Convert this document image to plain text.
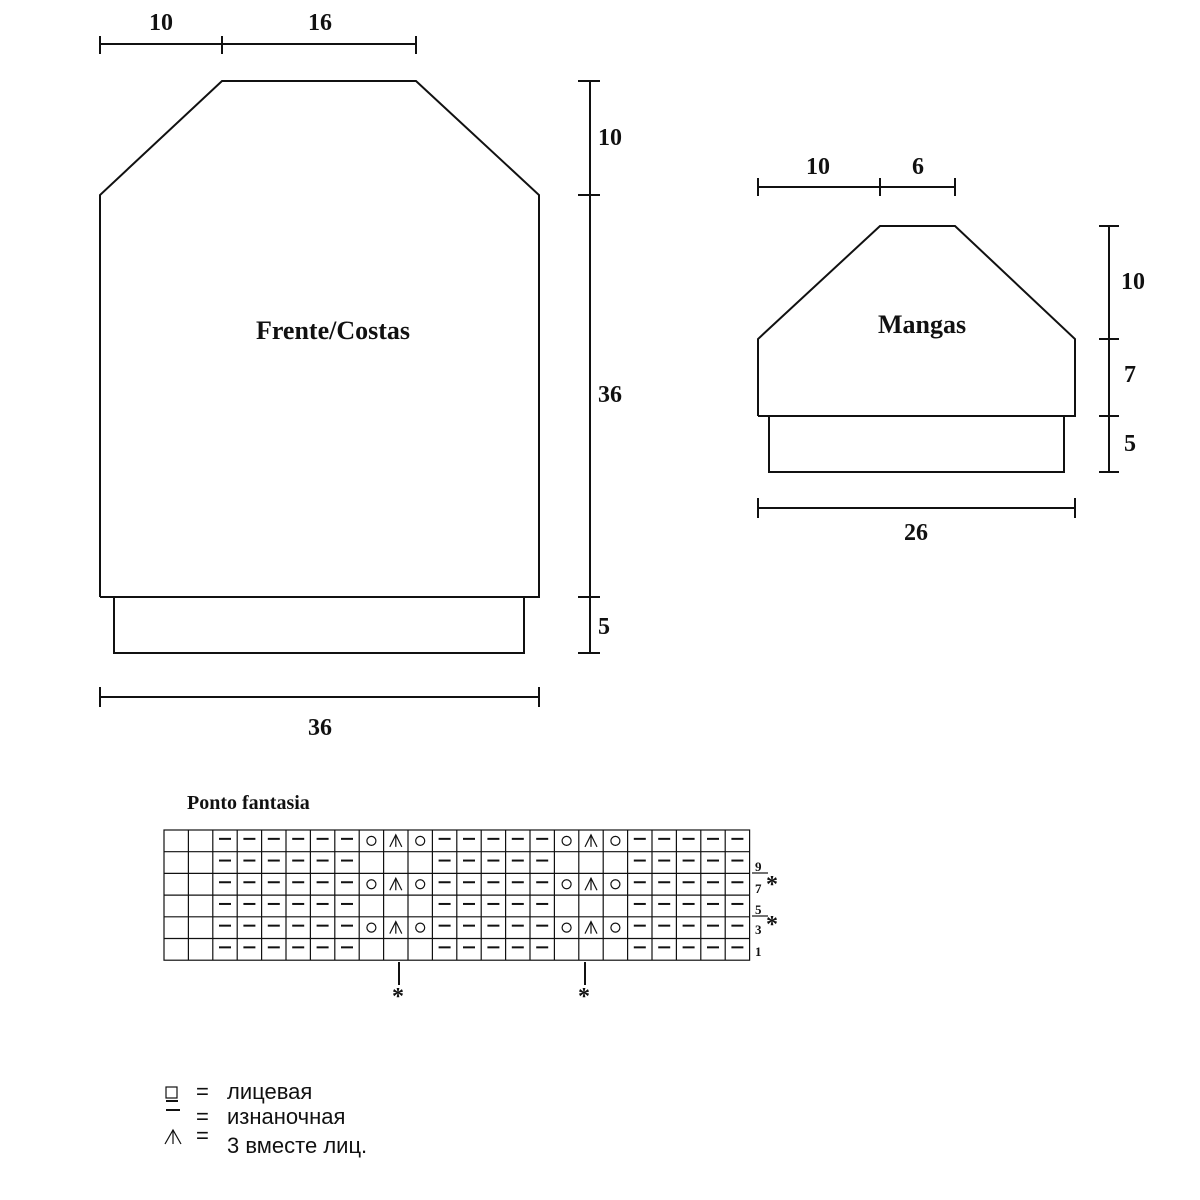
Frente/Costas
10	16
10
36
5
36
Mangas
10	6
10
7
5
26
Ponto fantasia
9
7
5
3
1
*
*
*	*
= лицевая
= изнаночная
= 3 вместе лиц.
